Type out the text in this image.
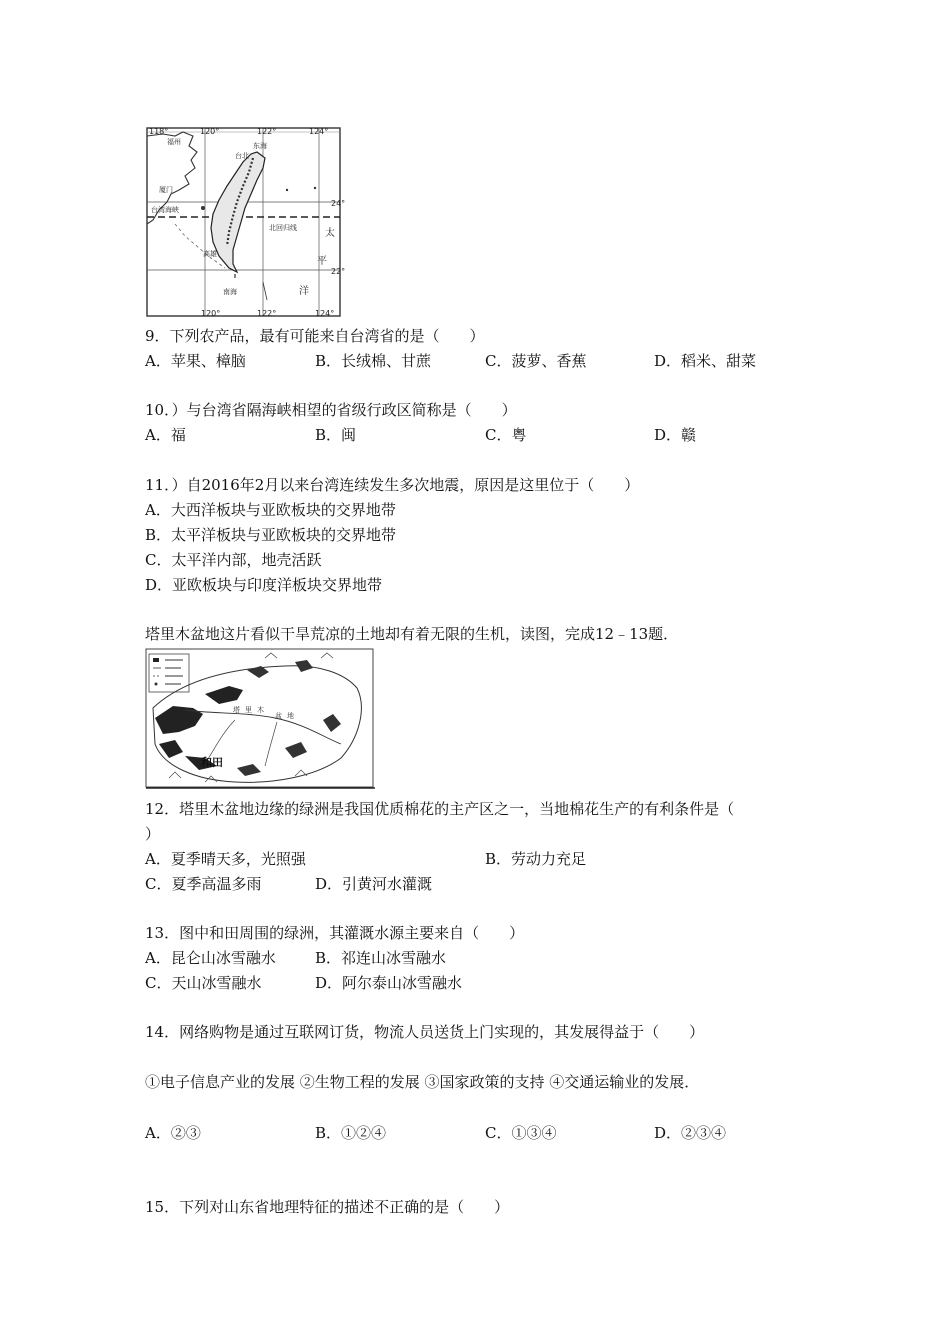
118°	120°	122°	124°
120°	122°	124°
24°
22°
福州
厦门
东海
台北
台湾海峡
北回归线	太
平
洋
高雄
南海
9．下列农产品，最有可能来自台湾省的是（　　）
A．苹果、樟脑	B．长绒棉、甘蔗	C．菠萝、香蕉	D．稻米、甜菜
10．）与台湾省隔海峡相望的省级行政区简称是（　　）
A．福	B．闽	C．粤	D．赣
11．）自2016年2月以来台湾连续发生多次地震，原因是这里位于（　　）
A．大西洋板块与亚欧板块的交界地带
B．太平洋板块与亚欧板块的交界地带
C．太平洋内部，地壳活跃
D．亚欧板块与印度洋板块交界地带
塔里木盆地这片看似干旱荒凉的土地却有着无限的生机，读图，完成12﹣13题．
塔 里 木
盆 地
和田
12．塔里木盆地边缘的绿洲是我国优质棉花的主产区之一，当地棉花生产的有利条件是（
）
A．夏季晴天多，光照强	B．劳动力充足
C．夏季高温多雨	D．引黄河水灌溉
13．图中和田周围的绿洲，其灌溉水源主要来自（　　）
A．昆仑山冰雪融水	B．祁连山冰雪融水
C．天山冰雪融水	D．阿尔泰山冰雪融水
14．网络购物是通过互联网订货，物流人员送货上门实现的，其发展得益于（　　）
①电子信息产业的发展 ②生物工程的发展 ③国家政策的支持 ④交通运输业的发展．
A．②③	B．①②④	C．①③④	D．②③④
15．下列对山东省地理特征的描述不正确的是（　　）
